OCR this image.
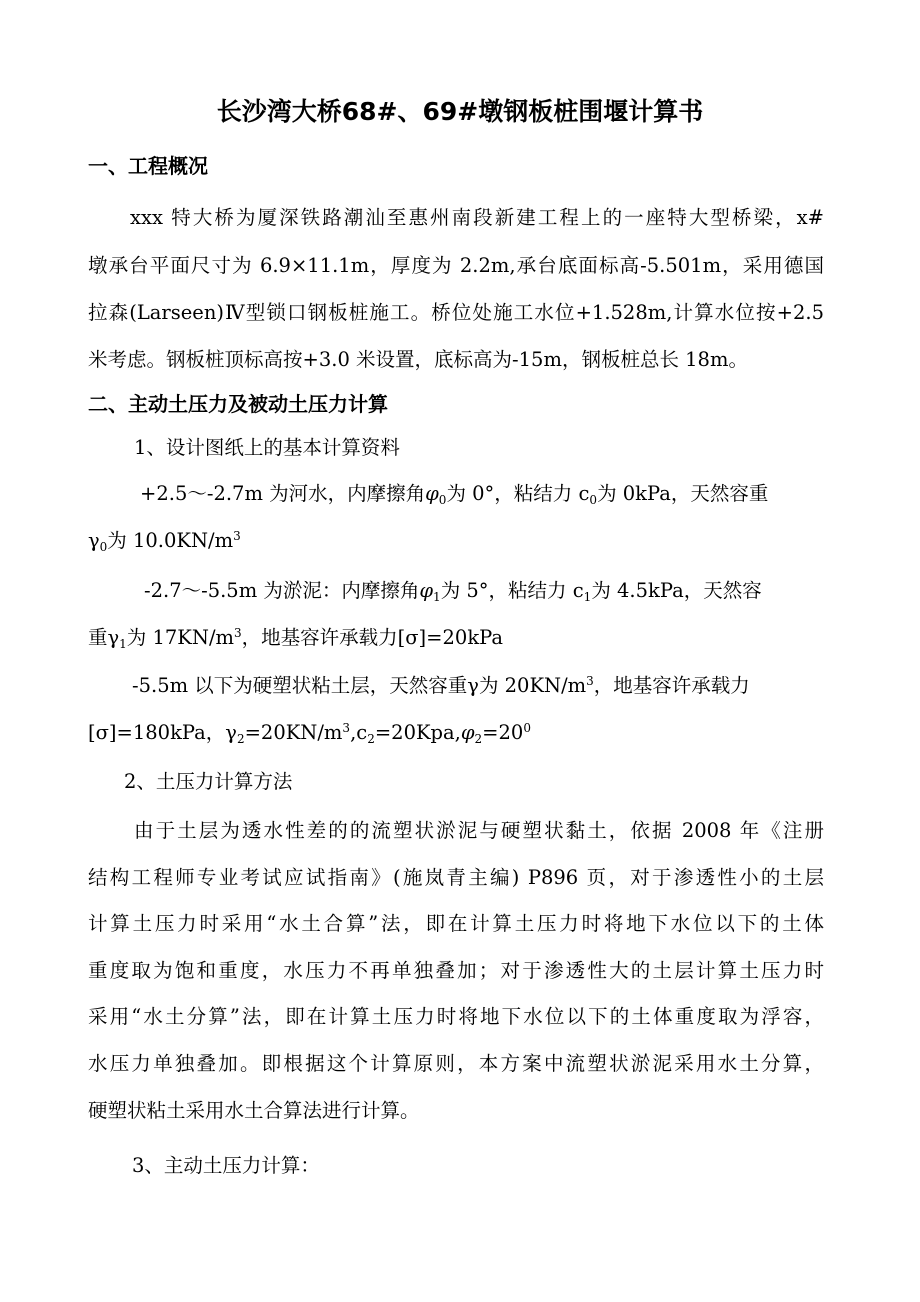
长沙湾大桥68#、69#墩钢板桩围堰计算书
一、工程概况
xxx 特大桥为厦深铁路潮汕至惠州南段新建工程上的一座特大型桥梁，x#
墩承台平面尺寸为 6.9×11.1m，厚度为 2.2m,承台底面标高-5.501m，采用德国
拉森(Larseen)Ⅳ型锁口钢板桩施工。桥位处施工水位+1.528m,计算水位按+2.5
米考虑。钢板桩顶标高按+3.0 米设置，底标高为-15m，钢板桩总长 18m。
二、主动土压力及被动土压力计算
1、设计图纸上的基本计算资料
+2.5～-2.7m 为河水，内摩擦角$\varphi_0$为 0°，粘结力 $c_0$为 0kPa，天然容重
$\gamma_0$为 $10.0KN/m^3$
-2.7～-5.5m 为淤泥：内摩擦角$\varphi_1$为 5°，粘结力 $c_1$为 4.5kPa，天然容
重$\gamma_1$为 $17KN/m^3$，地基容许承载力[σ]=20kPa
-5.5m 以下为硬塑状粘土层，天然容重γ为 $20KN/m^3$，地基容许承载力
[σ]=180kPa，$\gamma_2=20KN/m^3,c_2=20Kpa,\varphi_2=20^0$
2、土压力计算方法
由于土层为透水性差的的流塑状淤泥与硬塑状黏土，依据 2008 年《注册
结构工程师专业考试应试指南》(施岚青主编) P896 页，对于渗透性小的土层
计算土压力时采用“水土合算”法，即在计算土压力时将地下水位以下的土体
重度取为饱和重度，水压力不再单独叠加；对于渗透性大的土层计算土压力时
采用“水土分算”法，即在计算土压力时将地下水位以下的土体重度取为浮容，
水压力单独叠加。即根据这个计算原则，本方案中流塑状淤泥采用水土分算，
硬塑状粘土采用水土合算法进行计算。
3、主动土压力计算：
